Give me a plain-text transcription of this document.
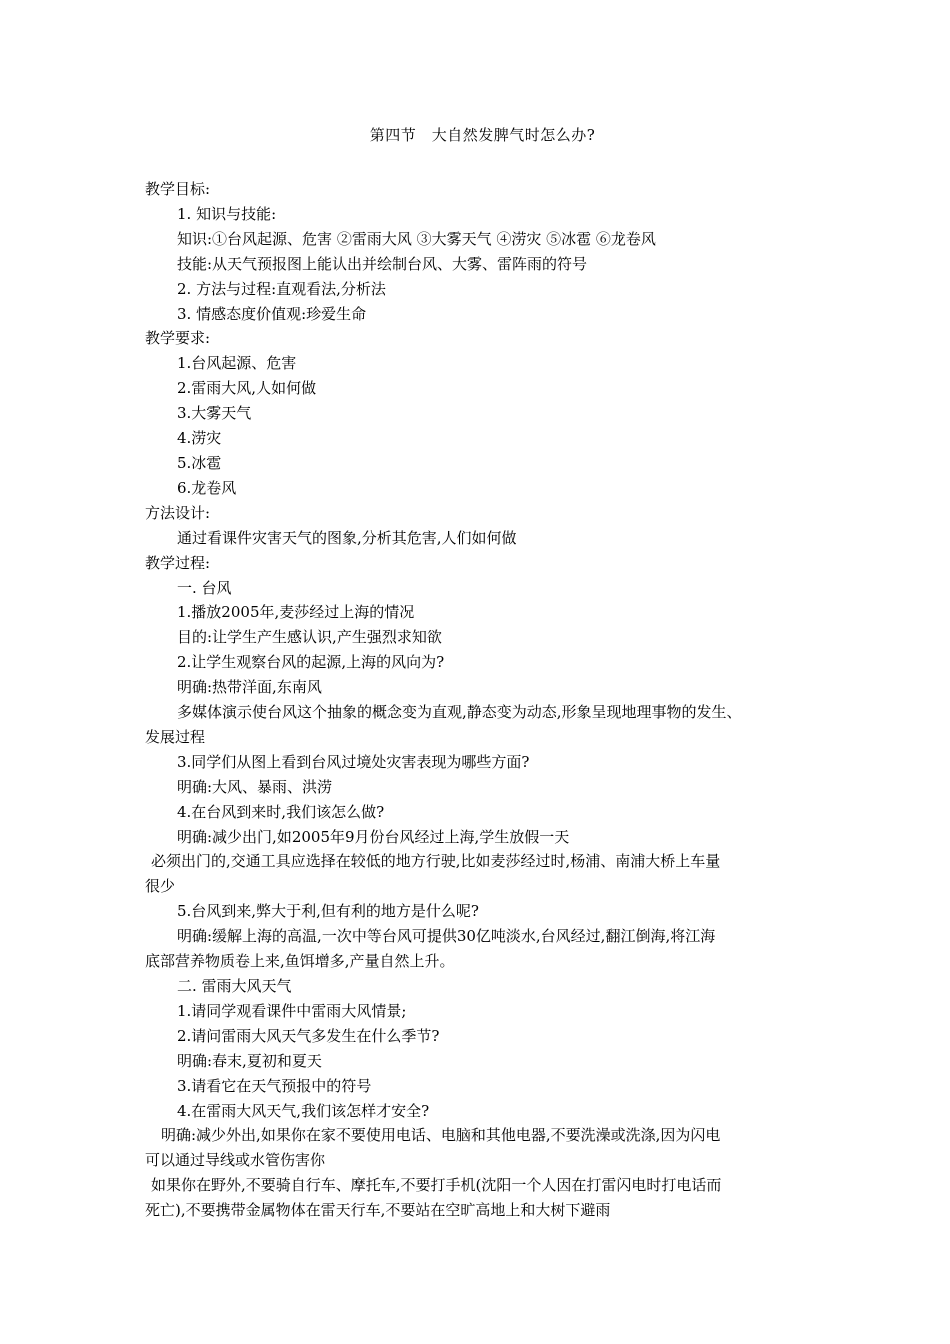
第四节　大自然发脾气时怎么办?
教学目标:
1. 知识与技能:
知识:①台风起源、危害 ②雷雨大风 ③大雾天气 ④涝灾 ⑤冰雹 ⑥龙卷风
技能:从天气预报图上能认出并绘制台风、大雾、雷阵雨的符号
2. 方法与过程:直观看法,分析法
3. 情感态度价值观:珍爱生命
教学要求:
1.台风起源、危害
2.雷雨大风,人如何做
3.大雾天气
4.涝灾
5.冰雹
6.龙卷风
方法设计:
通过看课件灾害天气的图象,分析其危害,人们如何做
教学过程:
一. 台风
1.播放2005年,麦莎经过上海的情况
目的:让学生产生感认识,产生强烈求知欲
2.让学生观察台风的起源,上海的风向为?
明确:热带洋面,东南风
多媒体演示使台风这个抽象的概念变为直观,静态变为动态,形象呈现地理事物的发生、
发展过程
3.同学们从图上看到台风过境处灾害表现为哪些方面?
明确:大风、暴雨、洪涝
4.在台风到来时,我们该怎么做?
明确:减少出门,如2005年9月份台风经过上海,学生放假一天
必须出门的,交通工具应选择在较低的地方行驶,比如麦莎经过时,杨浦、南浦大桥上车量
很少
5.台风到来,弊大于利,但有利的地方是什么呢?
明确:缓解上海的高温,一次中等台风可提供30亿吨淡水,台风经过,翻江倒海,将江海
底部营养物质卷上来,鱼饵增多,产量自然上升。
二. 雷雨大风天气
1.请同学观看课件中雷雨大风情景;
2.请问雷雨大风天气多发生在什么季节?
明确:春末,夏初和夏天
3.请看它在天气预报中的符号
4.在雷雨大风天气,我们该怎样才安全?
明确:减少外出,如果你在家不要使用电话、电脑和其他电器,不要洗澡或洗涤,因为闪电
可以通过导线或水管伤害你
如果你在野外,不要骑自行车、摩托车,不要打手机(沈阳一个人因在打雷闪电时打电话而
死亡),不要携带金属物体在雷天行车,不要站在空旷高地上和大树下避雨
